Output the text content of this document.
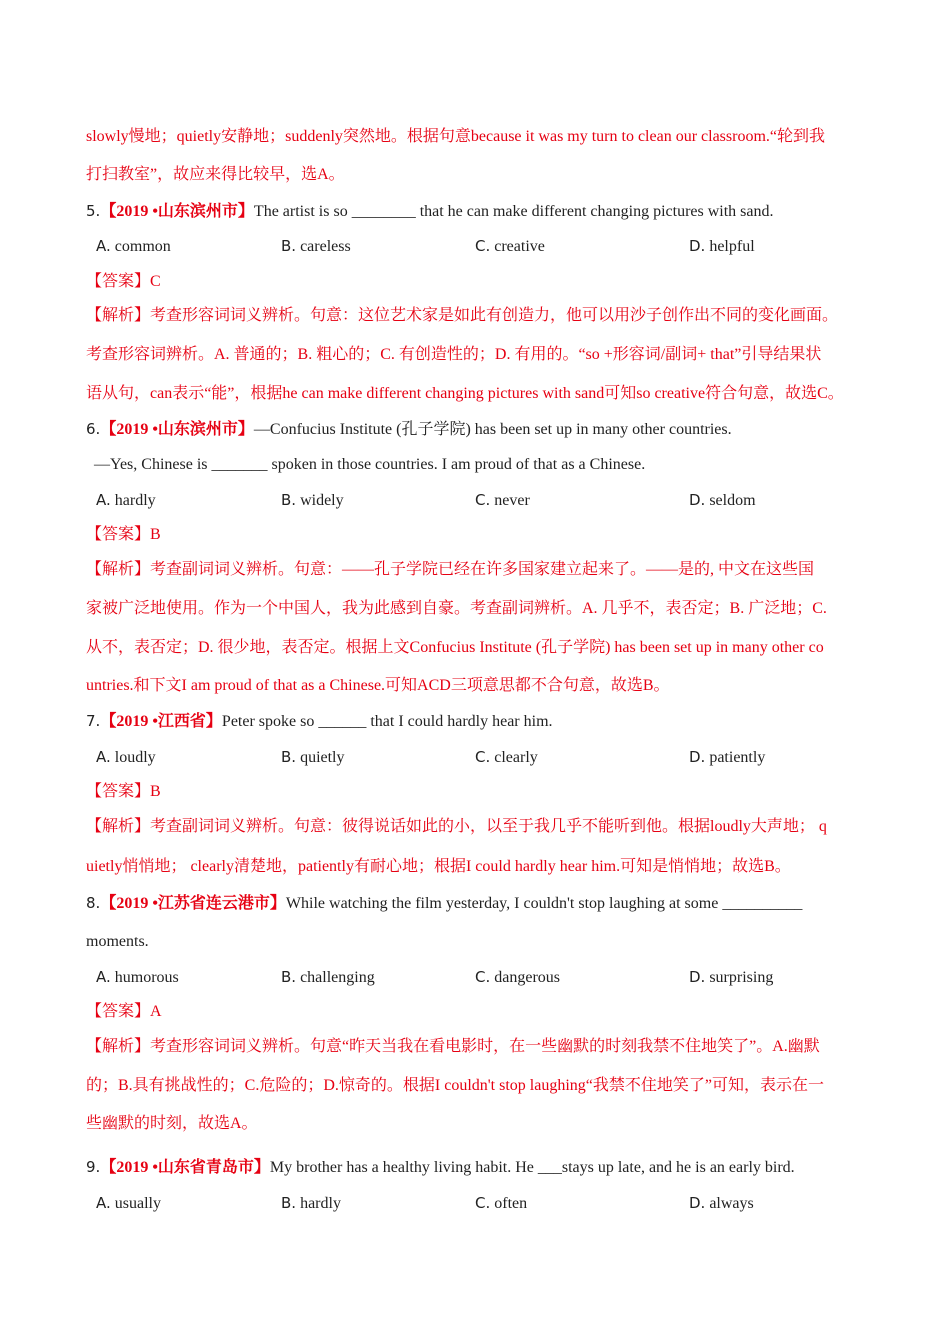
slowly慢地；quietly安静地；suddenly突然地。根据句意because it was my turn to clean our classroom.“轮到我
打扫教室”，故应来得比较早，选A。
5.【2019 •山东滨州市】The artist is so ________ that he can make different changing pictures with sand.
A. common	B. careless	C. creative	D. helpful
【答案】C
【解析】考查形容词词义辨析。句意：这位艺术家是如此有创造力，他可以用沙子创作出不同的变化画面。
考查形容词辨析。A. 普通的；B. 粗心的；C. 有创造性的；D. 有用的。“so +形容词/副词+ that”引导结果状
语从句，can表示“能”，根据he can make different changing pictures with sand可知so creative符合句意，故选C。
6.【2019 •山东滨州市】—Confucius Institute (孔子学院) has been set up in many other countries.
—Yes, Chinese is _______ spoken in those countries. I am proud of that as a Chinese.
A. hardly	B. widely	C. never	D. seldom
【答案】B
【解析】考查副词词义辨析。句意：——孔子学院已经在许多国家建立起来了。——是的, 中文在这些国
家被广泛地使用。作为一个中国人，我为此感到自豪。考查副词辨析。A. 几乎不，表否定；B. 广泛地；C.
从不，表否定；D. 很少地，表否定。根据上文Confucius Institute (孔子学院) has been set up in many other co
untries.和下文I am proud of that as a Chinese.可知ACD三项意思都不合句意，故选B。
7.【2019 •江西省】Peter spoke so ______ that I could hardly hear him.
A. loudly	B. quietly	C. clearly	D. patiently
【答案】B
【解析】考查副词词义辨析。句意：彼得说话如此的小，以至于我几乎不能听到他。根据loudly大声地； q
uietly悄悄地； clearly清楚地，patiently有耐心地；根据I could hardly hear him.可知是悄悄地；故选B。
8.【2019 •江苏省连云港市】While watching the film yesterday, I couldn't stop laughing at some __________
moments.
A. humorous	B. challenging	C. dangerous	D. surprising
【答案】A
【解析】考查形容词词义辨析。句意“昨天当我在看电影时，在一些幽默的时刻我禁不住地笑了”。A.幽默
的；B.具有挑战性的；C.危险的；D.惊奇的。根据I couldn't stop laughing“我禁不住地笑了”可知，表示在一
些幽默的时刻，故选A。
9.【2019 •山东省青岛市】My brother has a healthy living habit. He ___stays up late, and he is an early bird.
A. usually	B. hardly	C. often	D. always
